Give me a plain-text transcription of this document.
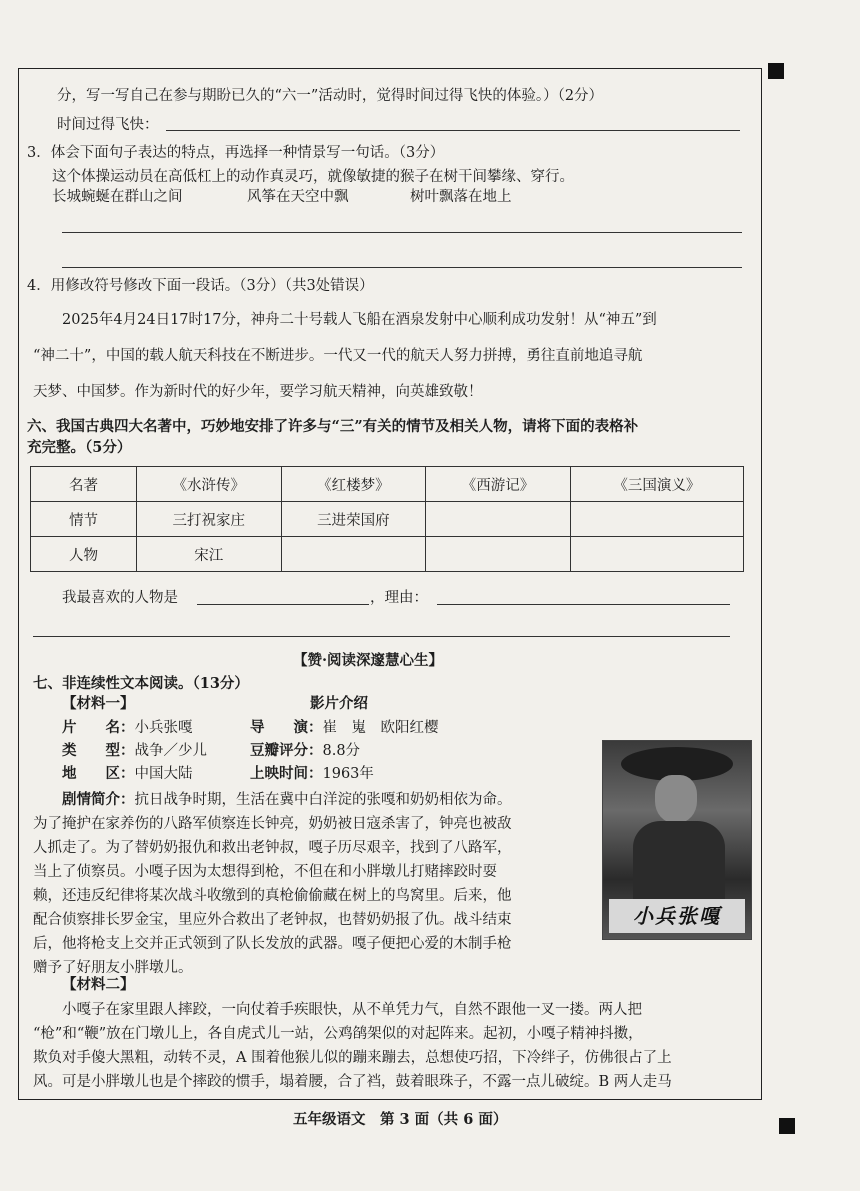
分，写一写自己在参与期盼已久的“六一”活动时，觉得时间过得飞快的体验。）（2分）
时间过得飞快：
3．体会下面句子表达的特点，再选择一种情景写一句话。（3分）
这个体操运动员在高低杠上的动作真灵巧，就像敏捷的猴子在树干间攀缘、穿行。
长城蜿蜒在群山之间	风筝在天空中飘	树叶飘落在地上
4．用修改符号修改下面一段话。（3分）（共3处错误）
2025年4月24日17时17分，神舟二十号载人飞船在酒泉发射中心顺利成功发射！从“神五”到
“神二十”，中国的载人航天科技在不断进步。一代又一代的航天人努力拼搏，勇往直前地追寻航
天梦、中国梦。作为新时代的好少年，要学习航天精神，向英雄致敬！
六、我国古典四大名著中，巧妙地安排了许多与“三”有关的情节及相关人物，请将下面的表格补
充完整。（5分）
名著	《水浒传》	《红楼梦》	《西游记》	《三国演义》
情节	三打祝家庄	三进荣国府		
人物	宋江			
我最喜欢的人物是	，理由：
【赞·阅读深邃慧心生】
七、非连续性文本阅读。（13分）
【材料一】	影片介绍
片　　名：小兵张嘎	导　　演：崔　嵬　欧阳红樱
类　　型：战争／少儿	豆瓣评分：8.8分
地　　区：中国大陆	上映时间：1963年
剧情简介：抗日战争时期，生活在冀中白洋淀的张嘎和奶奶相依为命。
为了掩护在家养伤的八路军侦察连长钟亮，奶奶被日寇杀害了，钟亮也被敌
人抓走了。为了替奶奶报仇和救出老钟叔，嘎子历尽艰辛，找到了八路军，
当上了侦察员。小嘎子因为太想得到枪，不但在和小胖墩儿打赌摔跤时耍
赖，还违反纪律将某次战斗收缴到的真枪偷偷藏在树上的鸟窝里。后来，他
配合侦察排长罗金宝，里应外合救出了老钟叔，也替奶奶报了仇。战斗结束
后，他将枪支上交并正式领到了队长发放的武器。嘎子便把心爱的木制手枪
赠予了好朋友小胖墩儿。
小兵张嘎
【材料二】
小嘎子在家里跟人摔跤，一向仗着手疾眼快，从不单凭力气，自然不跟他一叉一搂。两人把
“枪”和“鞭”放在门墩儿上，各自虎式儿一站，公鸡鹐架似的对起阵来。起初，小嘎子精神抖擞，
欺负对手傻大黑粗，动转不灵，A 围着他猴儿似的蹦来蹦去，总想使巧招，下冷绊子，仿佛很占了上
风。可是小胖墩儿也是个摔跤的惯手，塌着腰，合了裆，鼓着眼珠子，不露一点儿破绽。B 两人走马
五年级语文　第 3 面（共 6 面）
